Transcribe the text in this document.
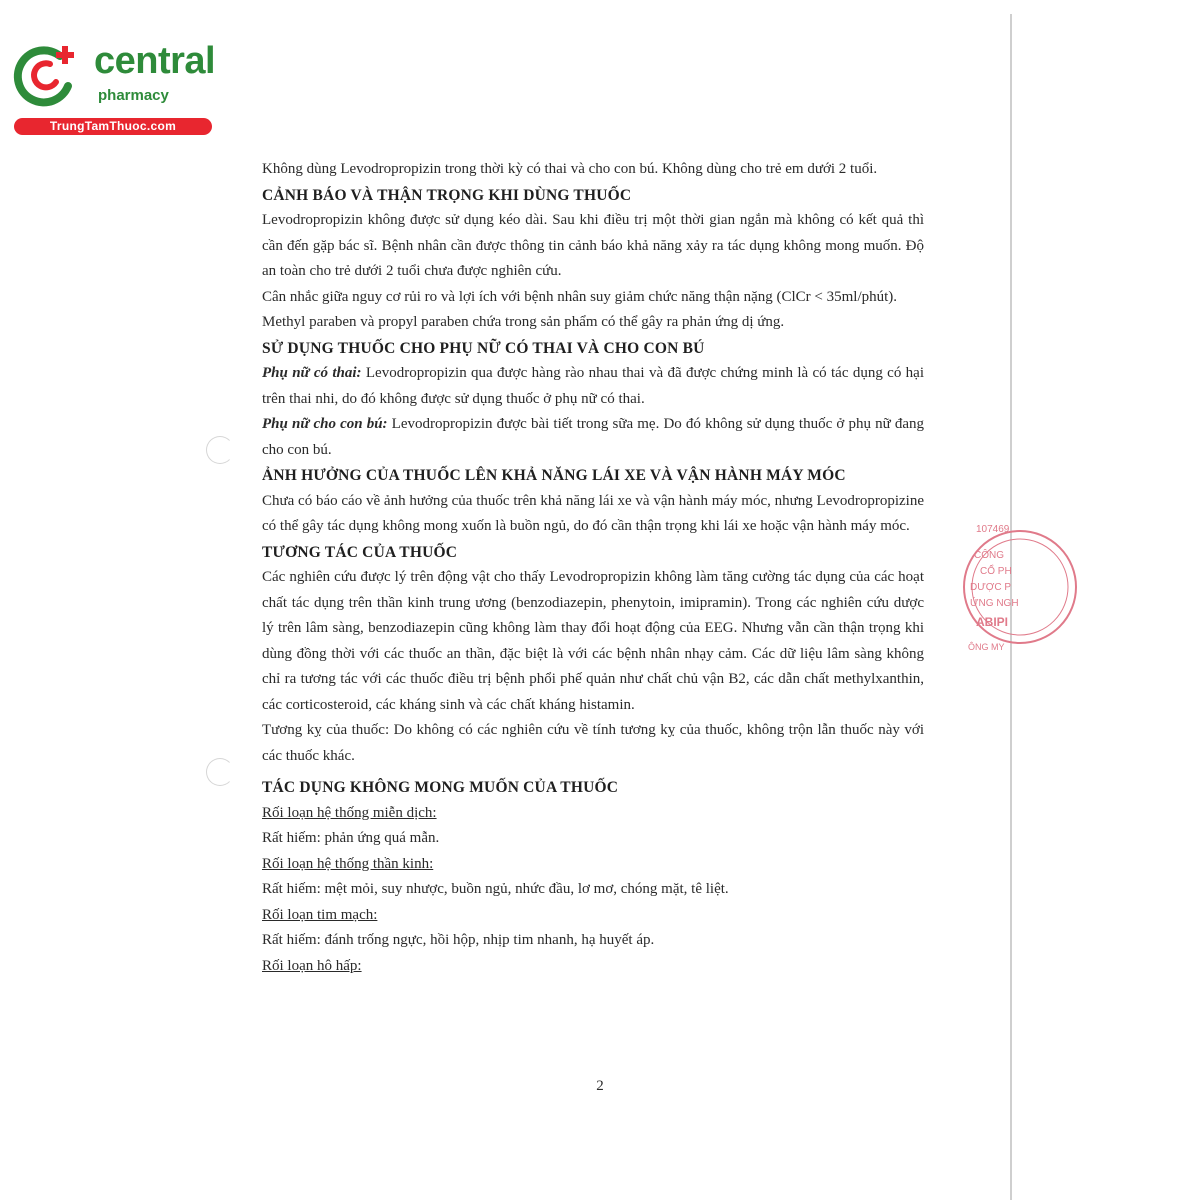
central
pharmacy
TrungTamThuoc.com
107469
CÔNG
CỔ PH
DƯỢC P
ỨNG NGH
ABIPI
ÔNG MY

Không dùng Levodropropizin trong thời kỳ có thai và cho con bú. Không dùng cho trẻ em dưới 2 tuổi.

CẢNH BÁO VÀ THẬN TRỌNG KHI DÙNG THUỐC

Levodropropizin không được sử dụng kéo dài. Sau khi điều trị một thời gian ngắn mà không có kết quả thì cần đến gặp bác sĩ. Bệnh nhân cần được thông tin cảnh báo khả năng xảy ra tác dụng không mong muốn. Độ an toàn cho trẻ dưới 2 tuổi chưa được nghiên cứu.

Cân nhắc giữa nguy cơ rủi ro và lợi ích với bệnh nhân suy giảm chức năng thận nặng (ClCr < 35ml/phút).

Methyl paraben và propyl paraben chứa trong sản phẩm có thể gây ra phản ứng dị ứng.

SỬ DỤNG THUỐC CHO PHỤ NỮ CÓ THAI VÀ CHO CON BÚ

Phụ nữ có thai: Levodropropizin qua được hàng rào nhau thai và đã được chứng minh là có tác dụng có hại trên thai nhi, do đó không được sử dụng thuốc ở phụ nữ có thai.

Phụ nữ cho con bú: Levodropropizin được bài tiết trong sữa mẹ. Do đó không sử dụng thuốc ở phụ nữ đang cho con bú.

ẢNH HƯỞNG CỦA THUỐC LÊN KHẢ NĂNG LÁI XE VÀ VẬN HÀNH MÁY MÓC

Chưa có báo cáo về ảnh hưởng của thuốc trên khả năng lái xe và vận hành máy móc, nhưng Levodropropizine có thể gây tác dụng không mong xuốn là buồn ngủ, do đó cần thận trọng khi lái xe hoặc vận hành máy móc.

TƯƠNG TÁC CỦA THUỐC

Các nghiên cứu được lý trên động vật cho thấy Levodropropizin không làm tăng cường tác dụng của các hoạt chất tác dụng trên thần kinh trung ương (benzodiazepin, phenytoin, imipramin). Trong các nghiên cứu dược lý trên lâm sàng, benzodiazepin cũng không làm thay đổi hoạt động của EEG. Nhưng vẫn cần thận trọng khi dùng đồng thời với các thuốc an thần, đặc biệt là với các bệnh nhân nhạy cảm. Các dữ liệu lâm sàng không chỉ ra tương tác với các thuốc điều trị bệnh phổi phế quản như chất chủ vận B2, các dẫn chất methylxanthin, các corticosteroid, các kháng sinh và các chất kháng histamin.

Tương kỵ của thuốc: Do không có các nghiên cứu về tính tương kỵ của thuốc, không trộn lẫn thuốc này với các thuốc khác.

TÁC DỤNG KHÔNG MONG MUỐN CỦA THUỐC

Rối loạn hệ thống miễn dịch:

Rất hiếm: phản ứng quá mẫn.

Rối loạn hệ thống thần kinh:

Rất hiếm: mệt mỏi, suy nhược, buồn ngủ, nhức đầu, lơ mơ, chóng mặt, tê liệt.

Rối loạn tim mạch:

Rất hiếm: đánh trống ngực, hồi hộp, nhịp tim nhanh, hạ huyết áp.

Rối loạn hô hấp:

2
